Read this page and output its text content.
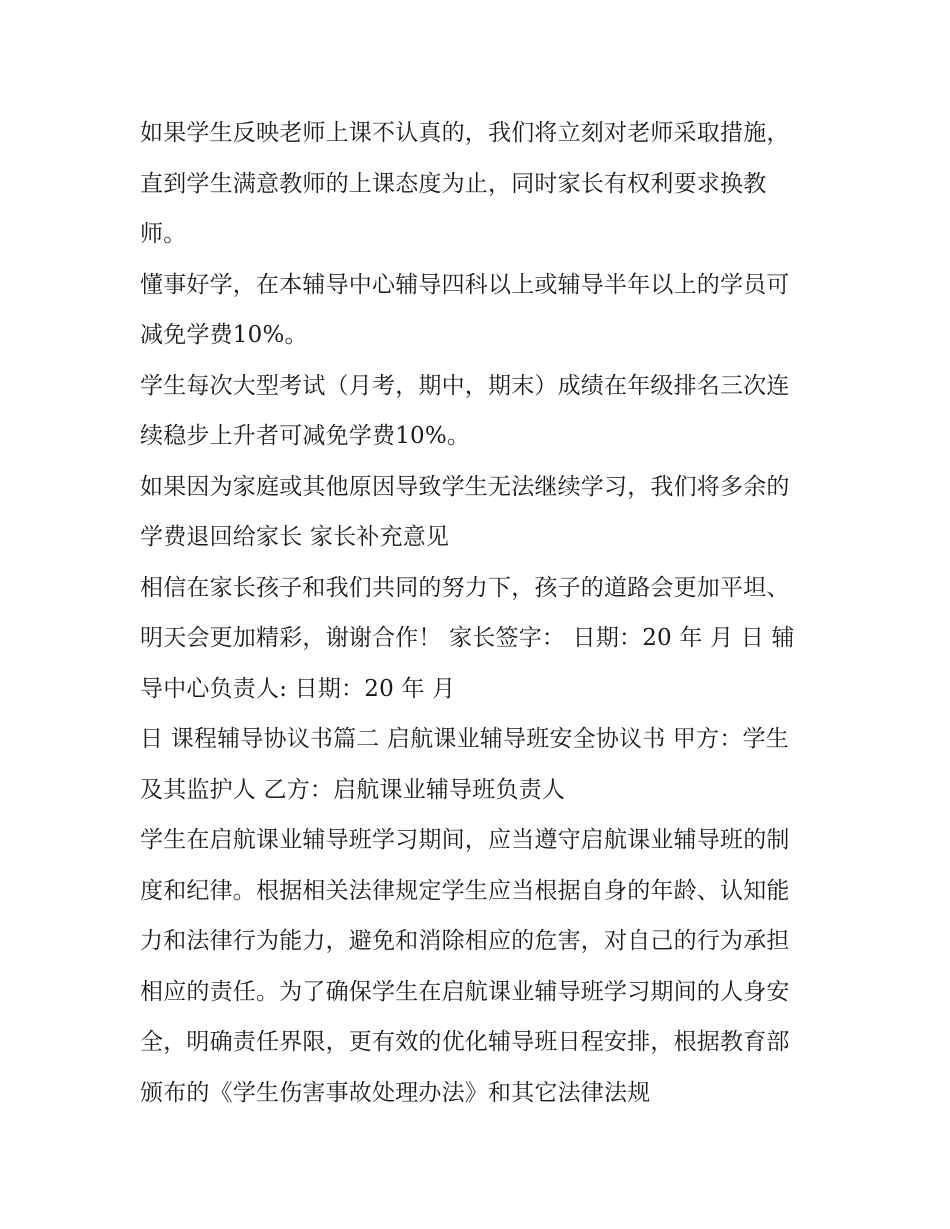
如果学生反映老师上课不认真的，我们将立刻对老师采取措施，直到学生满意教师的上课态度为止，同时家长有权利要求换教师。

懂事好学，在本辅导中心辅导四科以上或辅导半年以上的学员可减免学费10%。

学生每次大型考试（月考，期中，期末）成绩在年级排名三次连续稳步上升者可减免学费10%。

如果因为家庭或其他原因导致学生无法继续学习，我们将多余的学费退回给家长 家长补充意见

相信在家长孩子和我们共同的努力下，孩子的道路会更加平坦、明天会更加精彩，谢谢合作！ 家长签字： 日期：20 年 月 日 辅导中心负责人: 日期：20 年 月

日 课程辅导协议书篇二 启航课业辅导班安全协议书 甲方：学生及其监护人 乙方：启航课业辅导班负责人

学生在启航课业辅导班学习期间，应当遵守启航课业辅导班的制度和纪律。根据相关法律规定学生应当根据自身的年龄、认知能力和法律行为能力，避免和消除相应的危害，对自己的行为承担相应的责任。为了确保学生在启航课业辅导班学习期间的人身安全，明确责任界限，更有效的优化辅导班日程安排，根据教育部颁布的《学生伤害事故处理办法》和其它法律法规
